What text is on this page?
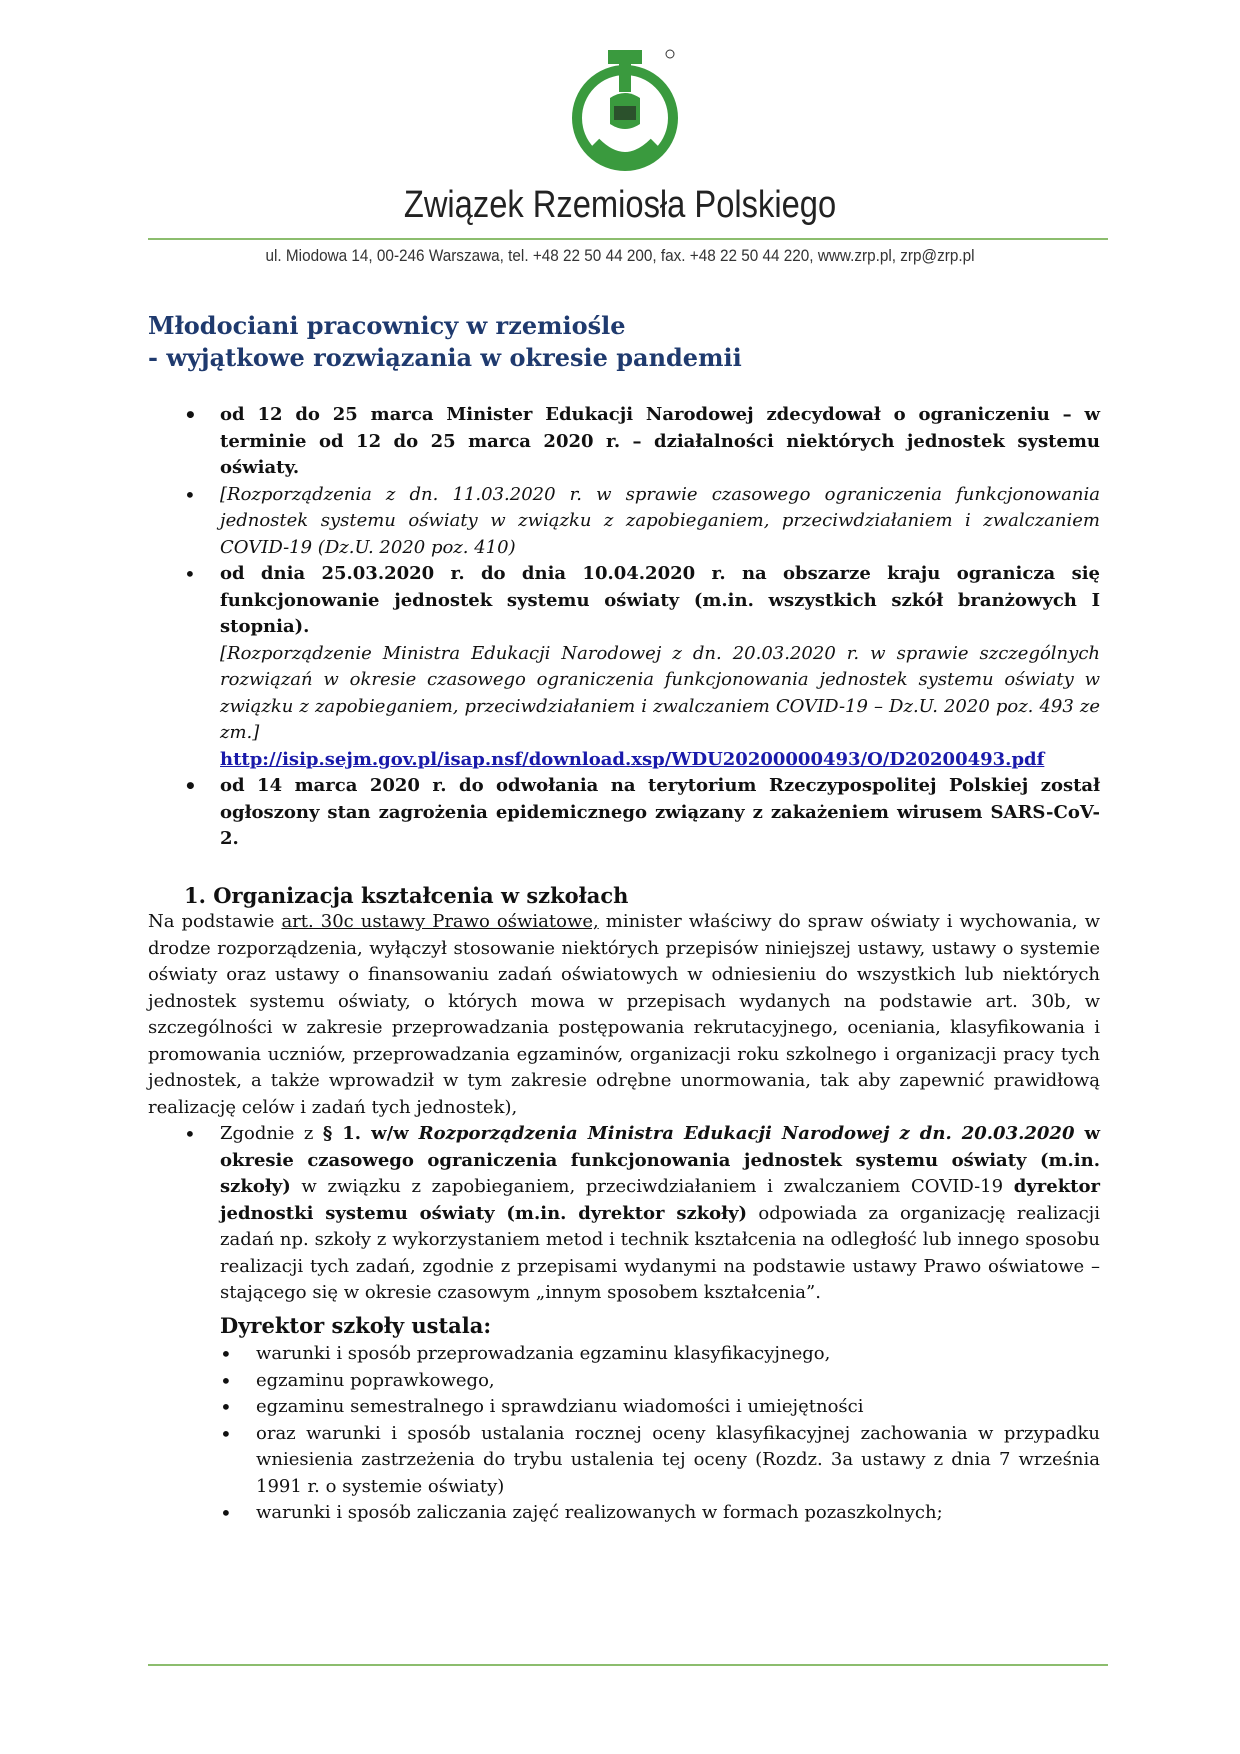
Związek Rzemiosła Polskiego
ul. Miodowa 14, 00-246 Warszawa, tel. +48 22 50 44 200, fax. +48 22 50 44 220, www.zrp.pl, zrp@zrp.pl
Młodociani pracownicy w rzemiośle
- wyjątkowe rozwiązania w okresie pandemii
• od 12 do 25 marca Minister Edukacji Narodowej zdecydował o ograniczeniu – w terminie od 12 do 25 marca 2020 r. – działalności niektórych jednostek systemu oświaty.
• [Rozporządzenia z dn. 11.03.2020 r. w sprawie czasowego ograniczenia funkcjonowania jednostek systemu oświaty w związku z zapobieganiem, przeciwdziałaniem i zwalczaniem COVID-19 (Dz.U. 2020 poz. 410)
• od dnia 25.03.2020 r. do dnia 10.04.2020 r. na obszarze kraju ogranicza się funkcjonowanie jednostek systemu oświaty (m.in. wszystkich szkół branżowych I stopnia).
[Rozporządzenie Ministra Edukacji Narodowej z dn. 20.03.2020 r. w sprawie szczególnych rozwiązań w okresie czasowego ograniczenia funkcjonowania jednostek systemu oświaty w związku z zapobieganiem, przeciwdziałaniem i zwalczaniem COVID-19 – Dz.U. 2020 poz. 493 ze zm.]
http://isip.sejm.gov.pl/isap.nsf/download.xsp/WDU20200000493/O/D20200493.pdf
• od 14 marca 2020 r. do odwołania na terytorium Rzeczypospolitej Polskiej został ogłoszony stan zagrożenia epidemicznego związany z zakażeniem wirusem SARS-CoV-2.
1. Organizacja kształcenia w szkołach

Na podstawie art. 30c ustawy Prawo oświatowe, minister właściwy do spraw oświaty i wychowania, w drodze rozporządzenia, wyłączył stosowanie niektórych przepisów niniejszej ustawy, ustawy o systemie oświaty oraz ustawy o finansowaniu zadań oświatowych w odniesieniu do wszystkich lub niektórych jednostek systemu oświaty, o których mowa w przepisach wydanych na podstawie art. 30b, w szczególności w zakresie przeprowadzania postępowania rekrutacyjnego, oceniania, klasyfikowania i promowania uczniów, przeprowadzania egzaminów, organizacji roku szkolnego i organizacji pracy tych jednostek, a także wprowadził w tym zakresie odrębne unormowania, tak aby zapewnić prawidłową realizację celów i zadań tych jednostek),

• Zgodnie z § 1. w/w Rozporządzenia Ministra Edukacji Narodowej z dn. 20.03.2020 w okresie czasowego ograniczenia funkcjonowania jednostek systemu oświaty (m.in. szkoły) w związku z zapobieganiem, przeciwdziałaniem i zwalczaniem COVID-19 dyrektor jednostki systemu oświaty (m.in. dyrektor szkoły) odpowiada za organizację realizacji zadań np. szkoły z wykorzystaniem metod i technik kształcenia na odległość lub innego sposobu realizacji tych zadań, zgodnie z przepisami wydanymi na podstawie ustawy Prawo oświatowe – stającego się w okresie czasowym „innym sposobem kształcenia”.
Dyrektor szkoły ustala:
• warunki i sposób przeprowadzania egzaminu klasyfikacyjnego,
• egzaminu poprawkowego,
• egzaminu semestralnego i sprawdzianu wiadomości i umiejętności
• oraz warunki i sposób ustalania rocznej oceny klasyfikacyjnej zachowania w przypadku wniesienia zastrzeżenia do trybu ustalenia tej oceny (Rozdz. 3a ustawy z dnia 7 września 1991 r. o systemie oświaty)
• warunki i sposób zaliczania zajęć realizowanych w formach pozaszkolnych;
